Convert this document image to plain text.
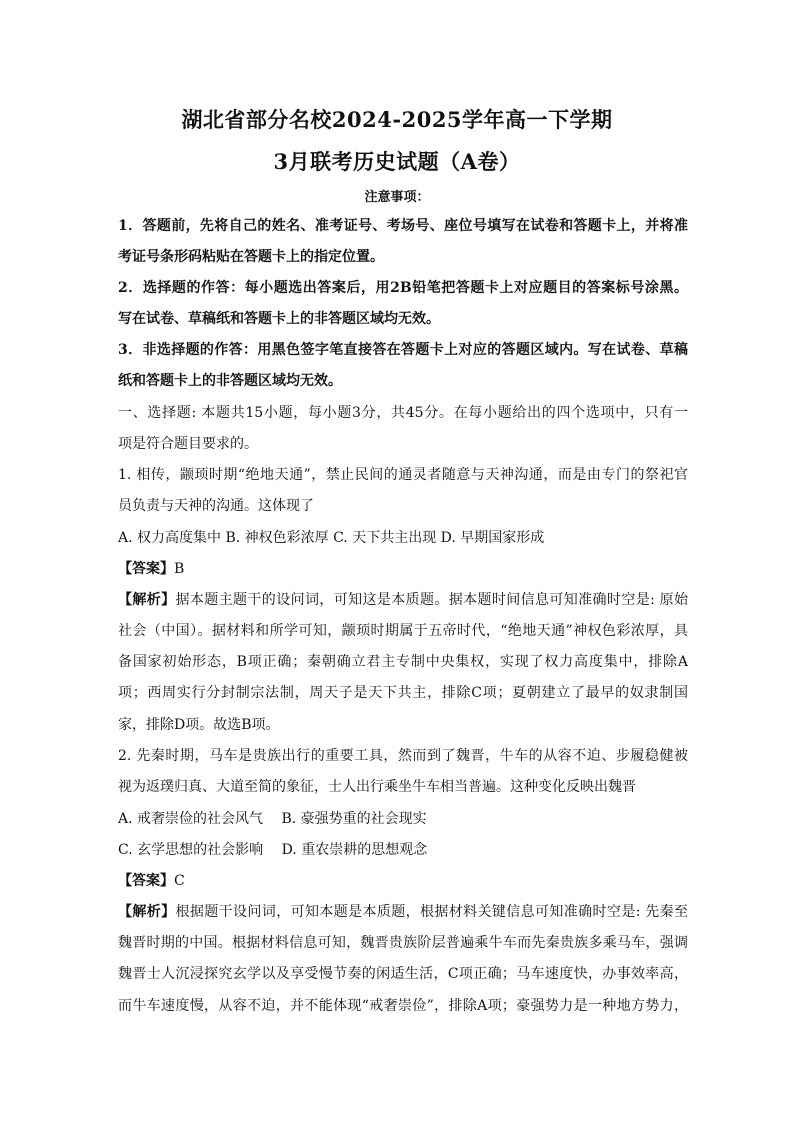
湖北省部分名校2024-2025学年高一下学期
3月联考历史试题（A卷）
注意事项：
1．答题前，先将自己的姓名、准考证号、考场号、座位号填写在试卷和答题卡上，并将准
考证号条形码粘贴在答题卡上的指定位置。
2．选择题的作答：每小题选出答案后，用2B铅笔把答题卡上对应题目的答案标号涂黑。
写在试卷、草稿纸和答题卡上的非答题区域均无效。
3．非选择题的作答：用黑色签字笔直接答在答题卡上对应的答题区域内。写在试卷、草稿
纸和答题卡上的非答题区域均无效。
一、选择题: 本题共15小题，每小题3分，共45分。在每小题给出的四个选项中，只有一
项是符合题目要求的。
1. 相传，颛顼时期“绝地天通”，禁止民间的通灵者随意与天神沟通，而是由专门的祭祀官
员负责与天神的沟通。这体现了
A. 权力高度集中 B. 神权色彩浓厚 C. 天下共主出现 D. 早期国家形成
【答案】B
【解析】据本题主题干的设问词，可知这是本质题。据本题时间信息可知准确时空是: 原始
社会（中国）。据材料和所学可知，颛顼时期属于五帝时代，“绝地天通”神权色彩浓厚，具
备国家初始形态，B项正确；秦朝确立君主专制中央集权，实现了权力高度集中，排除A
项；西周实行分封制宗法制，周天子是天下共主，排除C项；夏朝建立了最早的奴隶制国
家，排除D项。故选B项。
2. 先秦时期，马车是贵族出行的重要工具，然而到了魏晋，牛车的从容不迫、步履稳健被
视为返璞归真、大道至简的象征，士人出行乘坐牛车相当普遍。这种变化反映出魏晋
A. 戒奢崇俭的社会风气　 B. 豪强势重的社会现实
C. 玄学思想的社会影响　 D. 重农崇耕的思想观念
【答案】C
【解析】根据题干设问词，可知本题是本质题，根据材料关键信息可知准确时空是: 先秦至
魏晋时期的中国。根据材料信息可知，魏晋贵族阶层普遍乘牛车而先秦贵族多乘马车，强调
魏晋士人沉浸探究玄学以及享受慢节奏的闲适生活，C项正确；马车速度快，办事效率高，
而牛车速度慢，从容不迫，并不能体现“戒奢崇俭”，排除A项；豪强势力是一种地方势力，
